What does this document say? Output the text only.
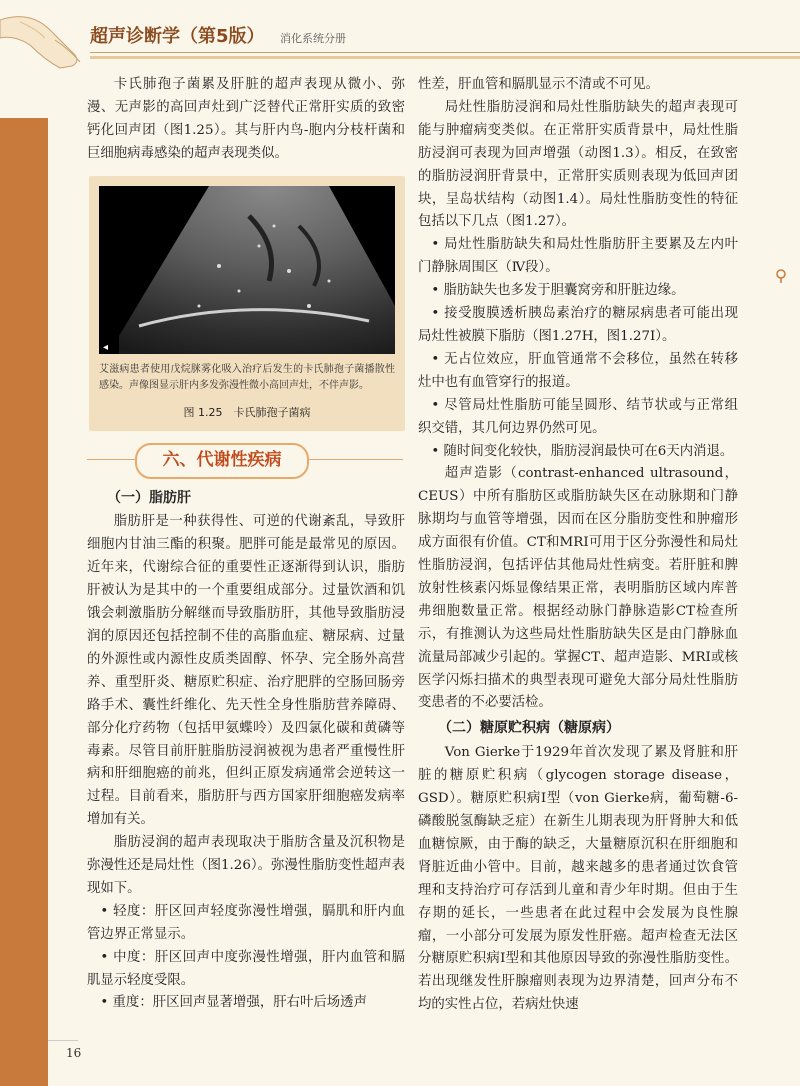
超声诊断学（第5版） 消化系统分册

卡氏肺孢子菌累及肝脏的超声表现从微小、弥漫、无声影的高回声灶到广泛替代正常肝实质的致密钙化回声团（图1.25）。其与肝内鸟-胞内分枝杆菌和巨细胞病毒感染的超声表现类似。

◂
艾滋病患者使用戊烷脒雾化吸入治疗后发生的卡氏肺孢子菌播散性感染。声像图显示肝内多发弥漫性微小高回声灶，不伴声影。
图 1.25　卡氏肺孢子菌病
六、代谢性疾病
（一）脂肪肝

脂肪肝是一种获得性、可逆的代谢紊乱，导致肝细胞内甘油三酯的积聚。肥胖可能是最常见的原因。近年来，代谢综合征的重要性正逐渐得到认识，脂肪肝被认为是其中的一个重要组成部分。过量饮酒和饥饿会刺激脂肪分解继而导致脂肪肝，其他导致脂肪浸润的原因还包括控制不佳的高脂血症、糖尿病、过量的外源性或内源性皮质类固醇、怀孕、完全肠外高营养、重型肝炎、糖原贮积症、治疗肥胖的空肠回肠旁路手术、囊性纤维化、先天性全身性脂肪营养障碍、部分化疗药物（包括甲氨蝶呤）及四氯化碳和黄磷等毒素。尽管目前肝脏脂肪浸润被视为患者严重慢性肝病和肝细胞癌的前兆，但纠正原发病通常会逆转这一过程。目前看来，脂肪肝与西方国家肝细胞癌发病率增加有关。

脂肪浸润的超声表现取决于脂肪含量及沉积物是弥漫性还是局灶性（图1.26）。弥漫性脂肪变性超声表现如下。

• 轻度：肝区回声轻度弥漫性增强，膈肌和肝内血管边界正常显示。

• 中度：肝区回声中度弥漫性增强，肝内血管和膈肌显示轻度受限。

• 重度：肝区回声显著增强，肝右叶后场透声

性差，肝血管和膈肌显示不清或不可见。

局灶性脂肪浸润和局灶性脂肪缺失的超声表现可能与肿瘤病变类似。在正常肝实质背景中，局灶性脂肪浸润可表现为回声增强（动图1.3）。相反，在致密的脂肪浸润肝背景中，正常肝实质则表现为低回声团块，呈岛状结构（动图1.4）。局灶性脂肪变性的特征包括以下几点（图1.27）。

• 局灶性脂肪缺失和局灶性脂肪肝主要累及左内叶门静脉周围区（Ⅳ段）。

• 脂肪缺失也多发于胆囊窝旁和肝脏边缘。

• 接受腹膜透析胰岛素治疗的糖尿病患者可能出现局灶性被膜下脂肪（图1.27H，图1.27I）。

• 无占位效应，肝血管通常不会移位，虽然在转移灶中也有血管穿行的报道。

• 尽管局灶性脂肪可能呈圆形、结节状或与正常组织交错，其几何边界仍然可见。

• 随时间变化较快，脂肪浸润最快可在6天内消退。

超声造影（contrast-enhanced ultrasound，CEUS）中所有脂肪区或脂肪缺失区在动脉期和门静脉期均与血管等增强，因而在区分脂肪变性和肿瘤形成方面很有价值。CT和MRI可用于区分弥漫性和局灶性脂肪浸润，包括评估其他局灶性病变。若肝脏和脾放射性核素闪烁显像结果正常，表明脂肪区域内库普弗细胞数量正常。根据经动脉门静脉造影CT检查所示，有推测认为这些局灶性脂肪缺失区是由门静脉血流量局部减少引起的。掌握CT、超声造影、MRI或核医学闪烁扫描术的典型表现可避免大部分局灶性脂肪变患者的不必要活检。

（二）糖原贮积病（糖原病）

Von Gierke于1929年首次发现了累及肾脏和肝脏的糖原贮积病（glycogen storage disease，GSD）。糖原贮积病Ⅰ型（von Gierke病，葡萄糖-6-磷酸脱氢酶缺乏症）在新生儿期表现为肝肾肿大和低血糖惊厥，由于酶的缺乏，大量糖原沉积在肝细胞和肾脏近曲小管中。目前，越来越多的患者通过饮食管理和支持治疗可存活到儿童和青少年时期。但由于生存期的延长，一些患者在此过程中会发展为良性腺瘤，一小部分可发展为原发性肝癌。超声检查无法区分糖原贮积病Ⅰ型和其他原因导致的弥漫性脂肪变性。若出现继发性肝腺瘤则表现为边界清楚，回声分布不均的实性占位，若病灶快速

16
